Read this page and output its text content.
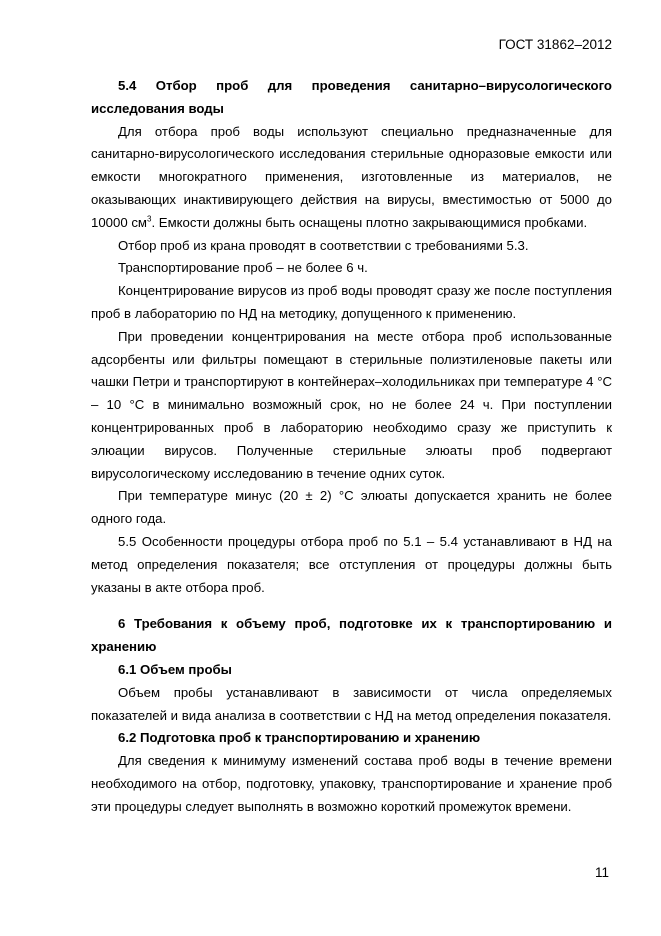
ГОСТ 31862–2012

5.4 Отбор проб для проведения санитарно–вирусологического исследования воды

Для отбора проб воды используют специально предназначенные для санитарно-вирусологического исследования стерильные одноразовые емкости или емкости многократного применения, изготовленные из материалов, не оказывающих инактивирующего действия на вирусы, вместимостью от 5000 до 10000 $см^3$. Емкости должны быть оснащены плотно закрывающимися пробками.

Отбор проб из крана проводят в соответствии с требованиями 5.3.

Транспортирование проб – не более 6 ч.

Концентрирование вирусов из проб воды проводят сразу же после поступления проб в лабораторию по НД на методику, допущенного к применению.

При проведении концентрирования на месте отбора проб использованные адсорбенты или фильтры помещают в стерильные полиэтиленовые пакеты или чашки Петри и транспортируют в контейнерах–холодильниках при температуре 4 °С – 10 °С в минимально возможный срок, но не более 24 ч. При поступлении концентрированных проб в лабораторию необходимо сразу же приступить к элюации вирусов. Полученные стерильные элюаты проб подвергают вирусологическому исследованию в течение одних суток.

При температуре минус (20 ± 2) °С элюаты допускается хранить не более одного года.

5.5 Особенности процедуры отбора проб по 5.1 – 5.4 устанавливают в НД на метод определения показателя; все отступления от процедуры должны быть указаны в акте отбора проб.

6 Требования к объему проб, подготовке их к транспортированию и хранению

6.1 Объем пробы

Объем пробы устанавливают в зависимости от числа определяемых показателей и вида анализа в соответствии с НД на метод определения показателя.

6.2 Подготовка проб к транспортированию и хранению

Для сведения к минимуму изменений состава проб воды в течение времени необходимого на отбор, подготовку, упаковку, транспортирование и хранение проб эти процедуры следует выполнять в возможно короткий промежуток времени.

11
